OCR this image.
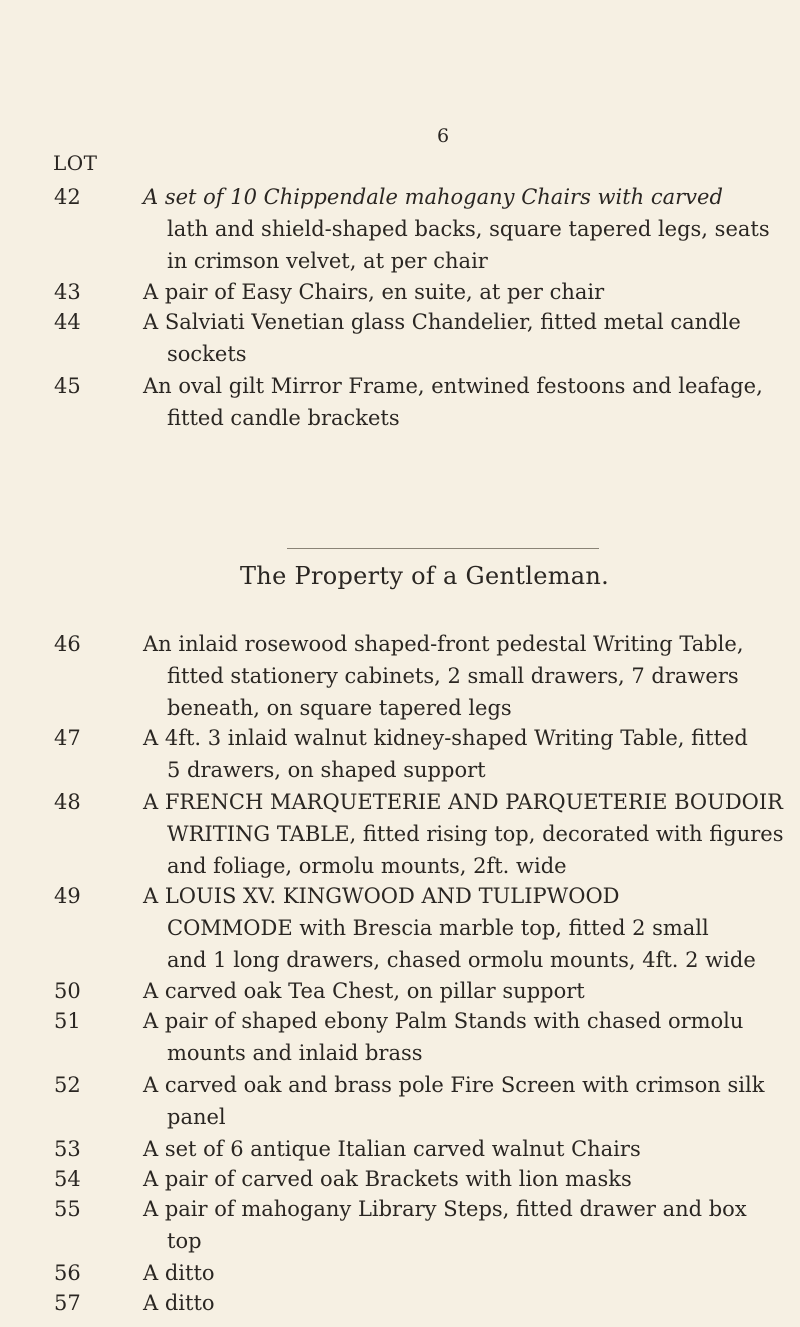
6
LOT
42	A set of 10 Chippendale mahogany Chairs with carved
lath and shield-shaped backs, square tapered legs, seats
in crimson velvet, at per chair
43	A pair of Easy Chairs, en suite, at per chair
44	A Salviati Venetian glass Chandelier, fitted metal candle
sockets
45	An oval gilt Mirror Frame, entwined festoons and leafage,
fitted candle brackets
The Property of a Gentleman.
46	An inlaid rosewood shaped-front pedestal Writing Table,
fitted stationery cabinets, 2 small drawers, 7 drawers
beneath, on square tapered legs
47	A 4ft. 3 inlaid walnut kidney-shaped Writing Table, fitted
5 drawers, on shaped support
48	A FRENCH MARQUETERIE AND PARQUETERIE BOUDOIR
WRITING TABLE, fitted rising top, decorated with figures
and foliage, ormolu mounts, 2ft. wide
49	A LOUIS XV. KINGWOOD AND TULIPWOOD
COMMODE with Brescia marble top, fitted 2 small
and 1 long drawers, chased ormolu mounts, 4ft. 2 wide
50	A carved oak Tea Chest, on pillar support
51	A pair of shaped ebony Palm Stands with chased ormolu
mounts and inlaid brass
52	A carved oak and brass pole Fire Screen with crimson silk
panel
53	A set of 6 antique Italian carved walnut Chairs
54	A pair of carved oak Brackets with lion masks
55	A pair of mahogany Library Steps, fitted drawer and box
top
56	A ditto
57	A ditto
